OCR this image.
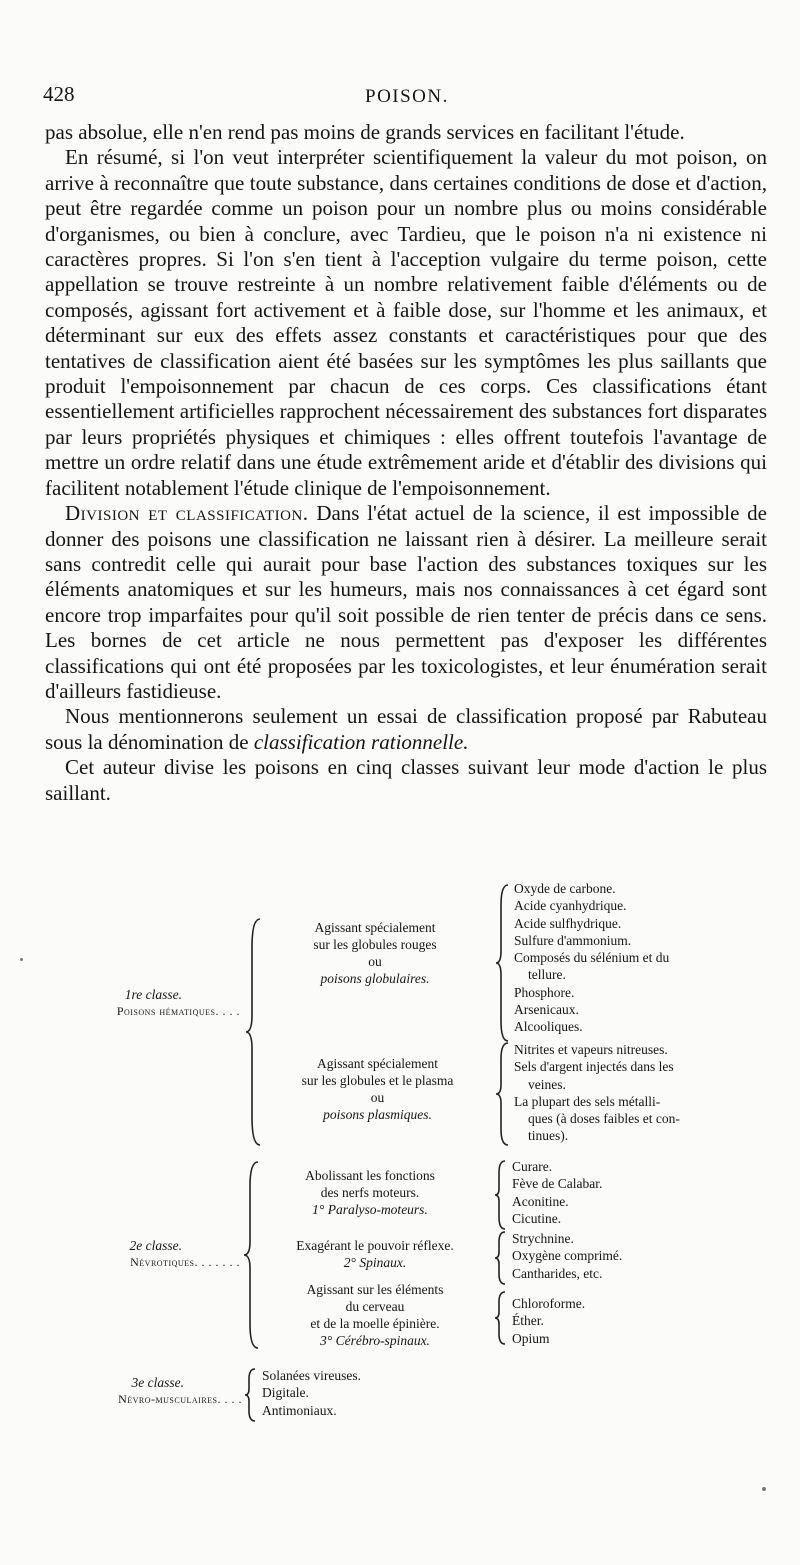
428	POISON.

pas absolue, elle n'en rend pas moins de grands services en facilitant l'étude.

En résumé, si l'on veut interpréter scientifiquement la valeur du mot poison, on arrive à reconnaître que toute substance, dans certaines conditions de dose et d'action, peut être regardée comme un poison pour un nombre plus ou moins considérable d'organismes, ou bien à conclure, avec Tardieu, que le poison n'a ni existence ni caractères propres. Si l'on s'en tient à l'acception vulgaire du terme poison, cette appellation se trouve restreinte à un nombre relativement faible d'éléments ou de composés, agissant fort activement et à faible dose, sur l'homme et les animaux, et déterminant sur eux des effets assez constants et caractéristiques pour que des tentatives de classification aient été basées sur les symptômes les plus saillants que produit l'empoisonnement par chacun de ces corps. Ces classifications étant essentiellement artificielles rapprochent nécessairement des substances fort disparates par leurs propriétés physiques et chimiques : elles offrent toutefois l'avantage de mettre un ordre relatif dans une étude extrêmement aride et d'établir des divisions qui facilitent notablement l'étude clinique de l'empoisonnement.

Division et classification. Dans l'état actuel de la science, il est impossible de donner des poisons une classification ne laissant rien à désirer. La meilleure serait sans contredit celle qui aurait pour base l'action des substances toxiques sur les éléments anatomiques et sur les humeurs, mais nos connaissances à cet égard sont encore trop imparfaites pour qu'il soit possible de rien tenter de précis dans ce sens. Les bornes de cet article ne nous permettent pas d'exposer les différentes classifications qui ont été proposées par les toxicologistes, et leur énumération serait d'ailleurs fastidieuse.

Nous mentionnerons seulement un essai de classification proposé par Rabuteau sous la dénomination de classification rationnelle.

Cet auteur divise les poisons en cinq classes suivant leur mode d'action le plus saillant.

1re classe.
Poisons hématiques. . . .
Agissant spécialement
sur les globules rouges
ou
poisons globulaires.
Oxyde de carbone.
Acide cyanhydrique.
Acide sulfhydrique.
Sulfure d'ammonium.
Composés du sélénium et du
tellure.
Phosphore.
Arsenicaux.
Alcooliques.
Agissant spécialement
sur les globules et le plasma
ou
poisons plasmiques.
Nitrites et vapeurs nitreuses.
Sels d'argent injectés dans les
veines.
La plupart des sels métalli-
ques (à doses faibles et con-
tinues).
2e classe.
Névrotiques. . . . . . .
Abolissant les fonctions
des nerfs moteurs.
1° Paralyso-moteurs.
Curare.
Fève de Calabar.
Aconitine.
Cicutine.
Exagérant le pouvoir réflexe.
2° Spinaux.
Strychnine.
Oxygène comprimé.
Cantharides, etc.
Agissant sur les éléments
du cerveau
et de la moelle épinière.
3° Cérébro-spinaux.
Chloroforme.
Éther.
Opium
3e classe.
Névro-musculaires. . . .
Solanées vireuses.
Digitale.
Antimoniaux.
